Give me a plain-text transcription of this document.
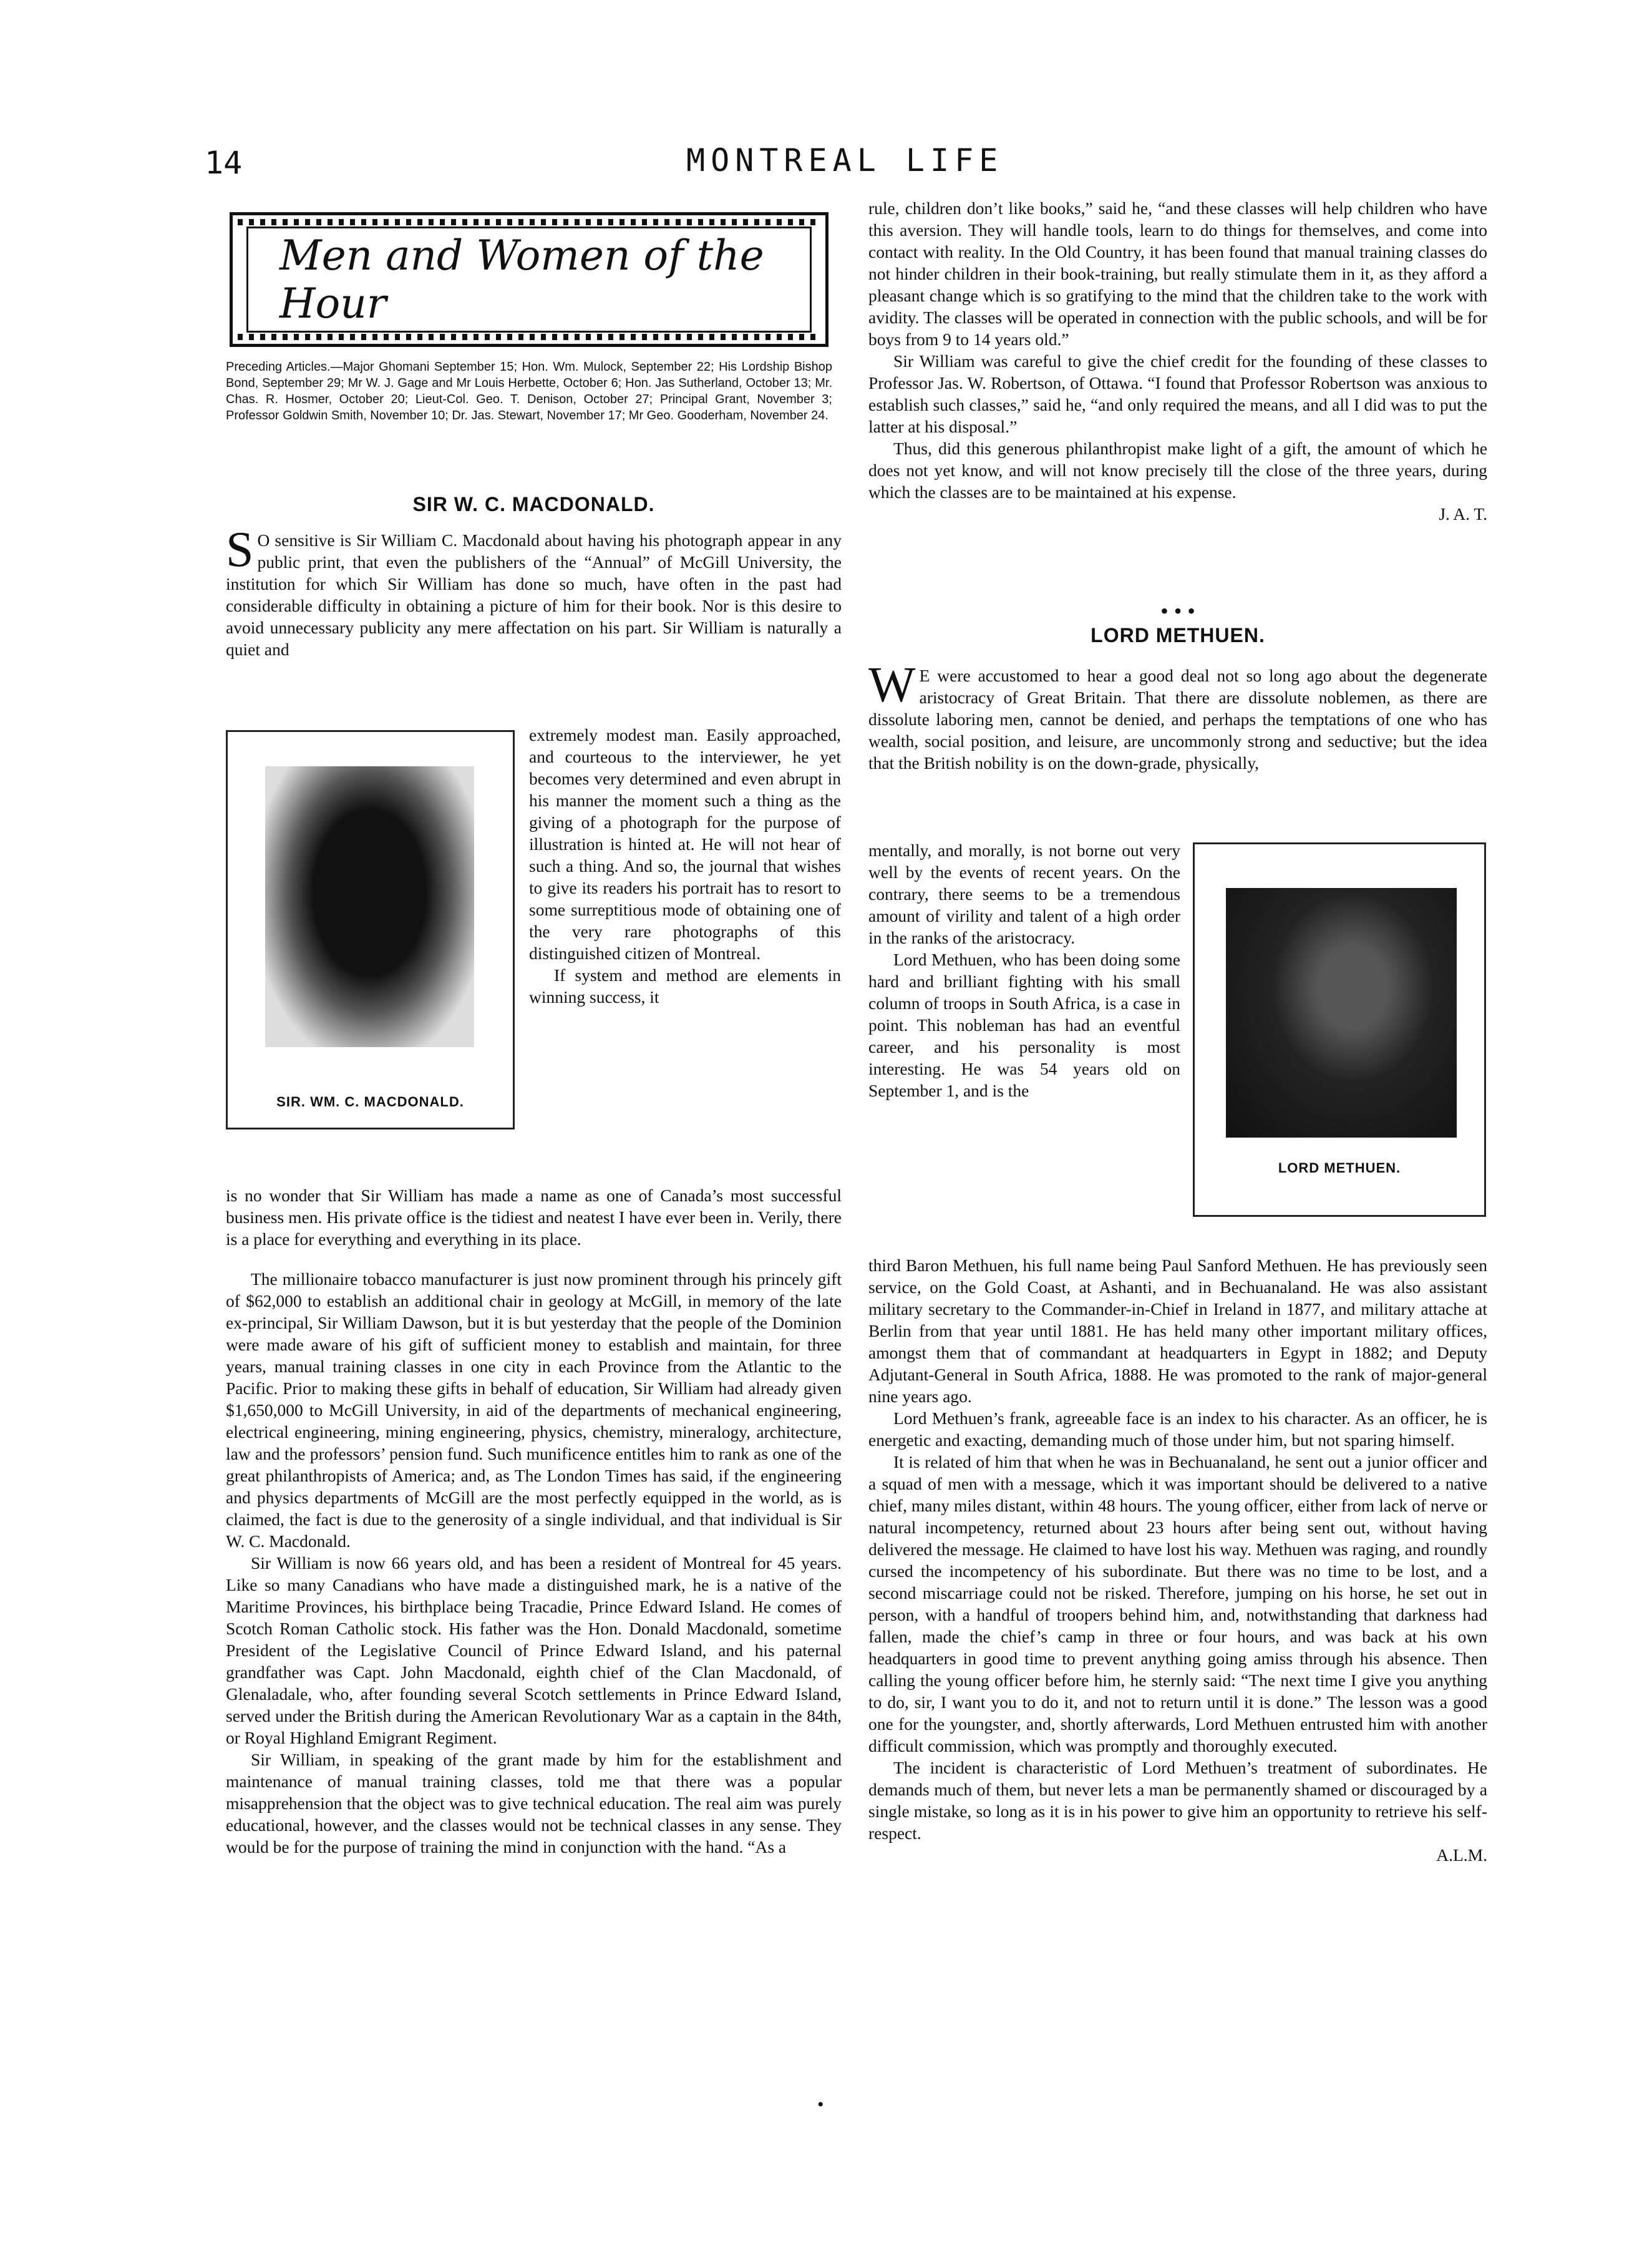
14	MONTREAL LIFE
Men and Women of the Hour
Preceding Articles.—Major Ghomani September 15; Hon. Wm. Mulock, September 22; His Lordship Bishop Bond, September 29; Mr W. J. Gage and Mr Louis Herbette, October 6; Hon. Jas Sutherland, October 13; Mr. Chas. R. Hosmer, October 20; Lieut-Col. Geo. T. Denison, October 27; Principal Grant, November 3; Professor Goldwin Smith, November 10; Dr. Jas. Stewart, November 17; Mr Geo. Gooderham, November 24.
SIR W. C. MACDONALD.
S O sensitive is Sir William C. Macdonald about having his photograph appear in any public print, that even the publishers of the “Annual” of McGill University, the institution for which Sir William has done so much, have often in the past had considerable difficulty in obtaining a picture of him for their book. Nor is this desire to avoid unnecessary publicity any mere affectation on his part. Sir William is naturally a quiet and
SIR. WM. C. MACDONALD.
extremely modest man. Easily approached, and courteous to the interviewer, he yet becomes very determined and even abrupt in his manner the moment such a thing as the giving of a photograph for the purpose of illustration is hinted at. He will not hear of such a thing. And so, the journal that wishes to give its readers his portrait has to resort to some surreptitious mode of obtaining one of the very rare photographs of this distinguished citizen of Montreal.
If system and method are elements in winning success, it

is no wonder that Sir William has made a name as one of Canada’s most successful business men. His private office is the tidiest and neatest I have ever been in. Verily, there is a place for everything and everything in its place.

The millionaire tobacco manufacturer is just now prominent through his princely gift of $62,000 to establish an additional chair in geology at McGill, in memory of the late ex-principal, Sir William Dawson, but it is but yesterday that the people of the Dominion were made aware of his gift of sufficient money to establish and maintain, for three years, manual training classes in one city in each Province from the Atlantic to the Pacific. Prior to making these gifts in behalf of education, Sir William had already given $1,650,000 to McGill University, in aid of the departments of mechanical engineering, electrical engineering, mining engineering, physics, chemistry, mineralogy, architecture, law and the professors’ pension fund. Such munificence entitles him to rank as one of the great philanthropists of America; and, as The London Times has said, if the engineering and physics departments of McGill are the most perfectly equipped in the world, as is claimed, the fact is due to the generosity of a single individual, and that individual is Sir W. C. Macdonald.

Sir William is now 66 years old, and has been a resident of Montreal for 45 years. Like so many Canadians who have made a distinguished mark, he is a native of the Maritime Provinces, his birthplace being Tracadie, Prince Edward Island. He comes of Scotch Roman Catholic stock. His father was the Hon. Donald Macdonald, sometime President of the Legislative Council of Prince Edward Island, and his paternal grandfather was Capt. John Macdonald, eighth chief of the Clan Macdonald, of Glenaladale, who, after founding several Scotch settlements in Prince Edward Island, served under the British during the American Revolutionary War as a captain in the 84th, or Royal Highland Emigrant Regiment.

Sir William, in speaking of the grant made by him for the establishment and maintenance of manual training classes, told me that there was a popular misapprehension that the object was to give technical education. The real aim was purely educational, however, and the classes would not be technical classes in any sense. They would be for the purpose of training the mind in conjunction with the hand. “As a

rule, children don’t like books,” said he, “and these classes will help children who have this aversion. They will handle tools, learn to do things for themselves, and come into contact with reality. In the Old Country, it has been found that manual training classes do not hinder children in their book-training, but really stimulate them in it, as they afford a pleasant change which is so gratifying to the mind that the children take to the work with avidity. The classes will be operated in connection with the public schools, and will be for boys from 9 to 14 years old.”

Sir William was careful to give the chief credit for the founding of these classes to Professor Jas. W. Robertson, of Ottawa. “I found that Professor Robertson was anxious to establish such classes,” said he, “and only required the means, and all I did was to put the latter at his disposal.”

Thus, did this generous philanthropist make light of a gift, the amount of which he does not yet know, and will not know precisely till the close of the three years, during which the classes are to be maintained at his expense.

J. A. T.
• • •
LORD METHUEN.
W E were accustomed to hear a good deal not so long ago about the degenerate aristocracy of Great Britain. That there are dissolute noblemen, as there are dissolute laboring men, cannot be denied, and perhaps the temptations of one who has wealth, social position, and leisure, are uncommonly strong and seductive; but the idea that the British nobility is on the down-grade, physically,
LORD METHUEN.
mentally, and morally, is not borne out very well by the events of recent years. On the contrary, there seems to be a tremendous amount of virility and talent of a high order in the ranks of the aristocracy.
Lord Methuen, who has been doing some hard and brilliant fighting with his small column of troops in South Africa, is a case in point. This nobleman has had an eventful career, and his personality is most interesting. He was 54 years old on September 1, and is the

third Baron Methuen, his full name being Paul Sanford Methuen. He has previously seen service, on the Gold Coast, at Ashanti, and in Bechuanaland. He was also assistant military secretary to the Commander-in-Chief in Ireland in 1877, and military attache at Berlin from that year until 1881. He has held many other important military offices, amongst them that of commandant at headquarters in Egypt in 1882; and Deputy Adjutant-General in South Africa, 1888. He was promoted to the rank of major-general nine years ago.

Lord Methuen’s frank, agreeable face is an index to his character. As an officer, he is energetic and exacting, demanding much of those under him, but not sparing himself.

It is related of him that when he was in Bechuanaland, he sent out a junior officer and a squad of men with a message, which it was important should be delivered to a native chief, many miles distant, within 48 hours. The young officer, either from lack of nerve or natural incompetency, returned about 23 hours after being sent out, without having delivered the message. He claimed to have lost his way. Methuen was raging, and roundly cursed the incompetency of his subordinate. But there was no time to be lost, and a second miscarriage could not be risked. Therefore, jumping on his horse, he set out in person, with a handful of troopers behind him, and, notwithstanding that darkness had fallen, made the chief’s camp in three or four hours, and was back at his own headquarters in good time to prevent anything going amiss through his absence. Then calling the young officer before him, he sternly said: “The next time I give you anything to do, sir, I want you to do it, and not to return until it is done.” The lesson was a good one for the youngster, and, shortly afterwards, Lord Methuen entrusted him with another difficult commission, which was promptly and thoroughly executed.

The incident is characteristic of Lord Methuen’s treatment of subordinates. He demands much of them, but never lets a man be permanently shamed or discouraged by a single mistake, so long as it is in his power to give him an opportunity to retrieve his self-respect.

A.L.M.
•
